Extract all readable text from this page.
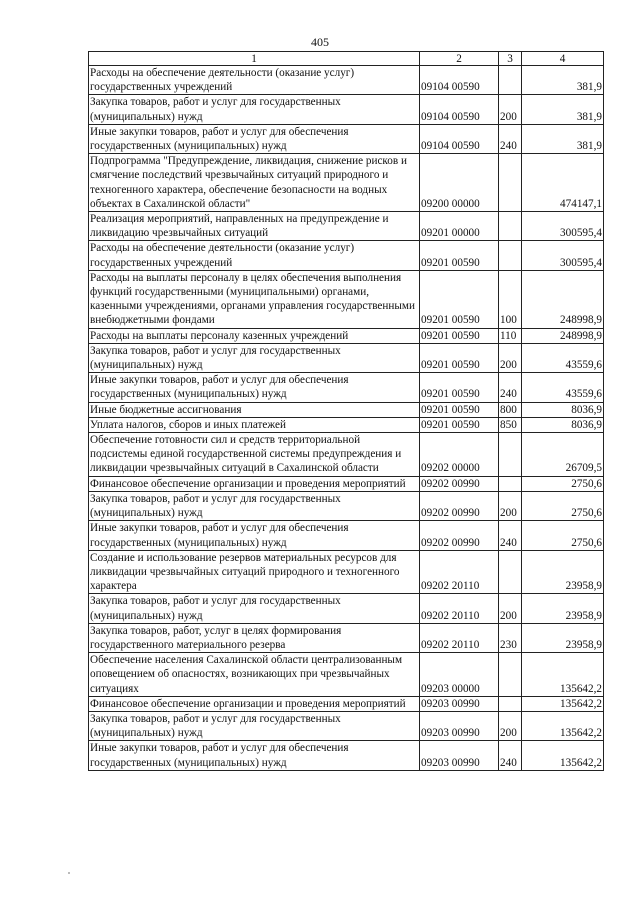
405
1	2	3	4
Расходы на обеспечение деятельности (оказание услуг) государственных учреждений	09104 00590		381,9
Закупка товаров, работ и услуг для государственных (муниципальных) нужд	09104 00590	200	381,9
Иные закупки товаров, работ и услуг для обеспечения государственных (муниципальных) нужд	09104 00590	240	381,9
Подпрограмма "Предупреждение, ликвидация, снижение рисков и смягчение последствий чрезвычайных ситуаций природного и техногенного характера, обеспечение безопасности на водных объектах в Сахалинской области"	09200 00000		474147,1
Реализация мероприятий, направленных на предупреждение и ликвидацию чрезвычайных ситуаций	09201 00000		300595,4
Расходы на обеспечение деятельности (оказание услуг) государственных учреждений	09201 00590		300595,4
Расходы на выплаты персоналу в целях обеспечения выполнения функций государственными (муниципальными) органами, казенными учреждениями, органами управления государственными внебюджетными фондами	09201 00590	100	248998,9
Расходы на выплаты персоналу казенных учреждений	09201 00590	110	248998,9
Закупка товаров, работ и услуг для государственных (муниципальных) нужд	09201 00590	200	43559,6
Иные закупки товаров, работ и услуг для обеспечения государственных (муниципальных) нужд	09201 00590	240	43559,6
Иные бюджетные ассигнования	09201 00590	800	8036,9
Уплата налогов, сборов и иных платежей	09201 00590	850	8036,9
Обеспечение готовности сил и средств территориальной подсистемы единой государственной системы предупреждения и ликвидации чрезвычайных ситуаций в Сахалинской области	09202 00000		26709,5
Финансовое обеспечение организации и проведения мероприятий	09202 00990		2750,6
Закупка товаров, работ и услуг для государственных (муниципальных) нужд	09202 00990	200	2750,6
Иные закупки товаров, работ и услуг для обеспечения государственных (муниципальных) нужд	09202 00990	240	2750,6
Создание и использование резервов материальных ресурсов для ликвидации чрезвычайных ситуаций природного и техногенного характера	09202 20110		23958,9
Закупка товаров, работ и услуг для государственных (муниципальных) нужд	09202 20110	200	23958,9
Закупка товаров, работ, услуг в целях формирования государственного материального резерва	09202 20110	230	23958,9
Обеспечение населения Сахалинской области централизованным оповещением об опасностях, возникающих при чрезвычайных ситуациях	09203 00000		135642,2
Финансовое обеспечение организации и проведения мероприятий	09203 00990		135642,2
Закупка товаров, работ и услуг для государственных (муниципальных) нужд	09203 00990	200	135642,2
Иные закупки товаров, работ и услуг для обеспечения государственных (муниципальных) нужд	09203 00990	240	135642,2
